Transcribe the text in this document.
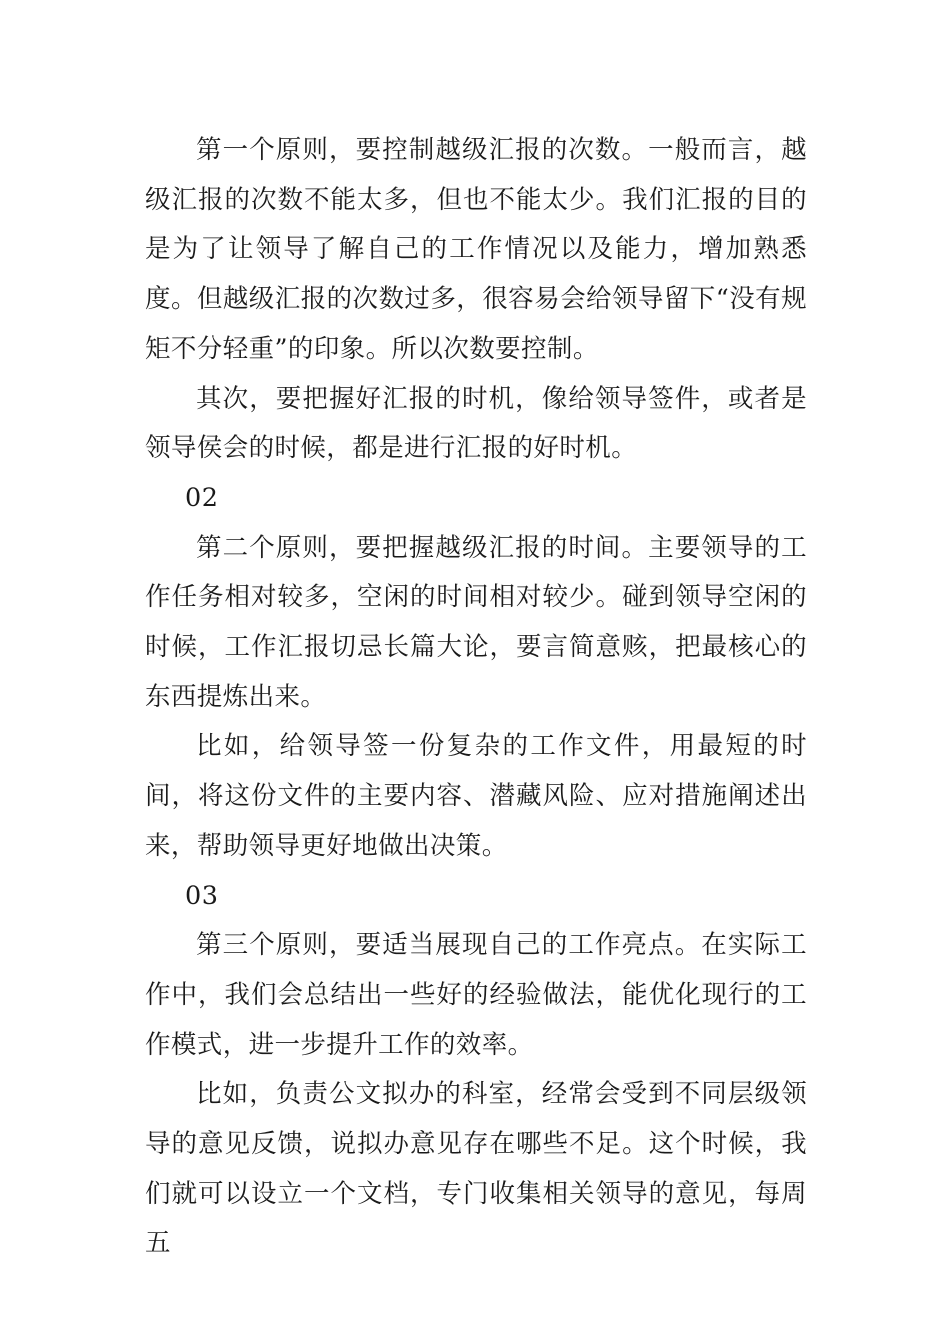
第一个原则，要控制越级汇报的次数。一般而言，越级汇报的次数不能太多，但也不能太少。我们汇报的目的是为了让领导了解自己的工作情况以及能力，增加熟悉度。但越级汇报的次数过多，很容易会给领导留下“没有规矩不分轻重”的印象。所以次数要控制。

其次，要把握好汇报的时机，像给领导签件，或者是领导侯会的时候，都是进行汇报的好时机。

02

第二个原则，要把握越级汇报的时间。主要领导的工作任务相对较多，空闲的时间相对较少。碰到领导空闲的时候，工作汇报切忌长篇大论，要言简意赅，把最核心的东西提炼出来。

比如，给领导签一份复杂的工作文件，用最短的时间，将这份文件的主要内容、潜藏风险、应对措施阐述出来，帮助领导更好地做出决策。

03

第三个原则，要适当展现自己的工作亮点。在实际工作中，我们会总结出一些好的经验做法，能优化现行的工作模式，进一步提升工作的效率。

比如，负责公文拟办的科室，经常会受到不同层级领导的意见反馈，说拟办意见存在哪些不足。这个时候，我们就可以设立一个文档，专门收集相关领导的意见，每周五
